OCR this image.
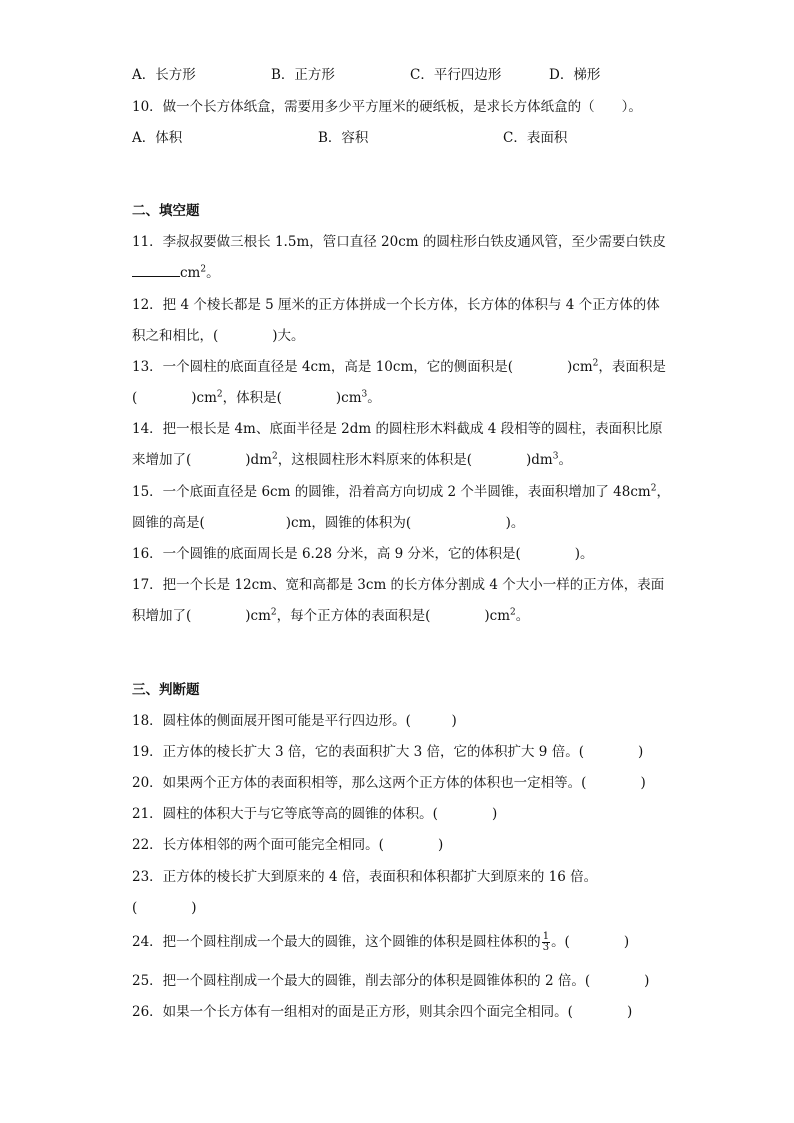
A．长方形	B．正方形	C．平行四边形	D．梯形
10．做一个长方体纸盒，需要用多少平方厘米的硬纸板，是求长方体纸盒的（　　）。
A．体积	B．容积	C．表面积
二、填空题
11．李叔叔要做三根长 1.5m，管口直径 20cm 的圆柱形白铁皮通风管，至少需要白铁皮
$cm^2$。
12．把 4 个棱长都是 5 厘米的正方体拼成一个长方体，长方体的体积与 4 个正方体的体
积之和相比，(　　　　)大。
13．一个圆柱的底面直径是 4cm，高是 10cm，它的侧面积是(　　　　)$cm^2$，表面积是
(　　　　)$cm^2$，体积是(　　　　)$cm^3$。
14．把一根长是 4m、底面半径是 2dm 的圆柱形木料截成 4 段相等的圆柱，表面积比原
来增加了(　　　　)$dm^2$，这根圆柱形木料原来的体积是(　　　　)$dm^3$。
15．一个底面直径是 6cm 的圆锥，沿着高方向切成 2 个半圆锥，表面积增加了 $48cm^2$，
圆锥的高是(　　　　　　)cm，圆锥的体积为(　　　　　　　)。
16．一个圆锥的底面周长是 6.28 分米，高 9 分米，它的体积是(　　　　)。
17．把一个长是 12cm、宽和高都是 3cm 的长方体分割成 4 个大小一样的正方体，表面
积增加了(　　　　)$cm^2$，每个正方体的表面积是(　　　　)$cm^2$。
三、判断题
18．圆柱体的侧面展开图可能是平行四边形。(　　　)
19．正方体的棱长扩大 3 倍，它的表面积扩大 3 倍，它的体积扩大 9 倍。(　　　　)
20．如果两个正方体的表面积相等，那么这两个正方体的体积也一定相等。(　　　　)
21．圆柱的体积大于与它等底等高的圆锥的体积。(　　　　)
22．长方体相邻的两个面可能完全相同。(　　　　)
23．正方体的棱长扩大到原来的 4 倍，表面积和体积都扩大到原来的 16 倍。
(　　　　)
24．把一个圆柱削成一个最大的圆锥，这个圆锥的体积是圆柱体积的 $\frac{1}{3}$ 。(　　　　)
25．把一个圆柱削成一个最大的圆锥，削去部分的体积是圆锥体积的 2 倍。(　　　　)
26．如果一个长方体有一组相对的面是正方形，则其余四个面完全相同。(　　　　)
